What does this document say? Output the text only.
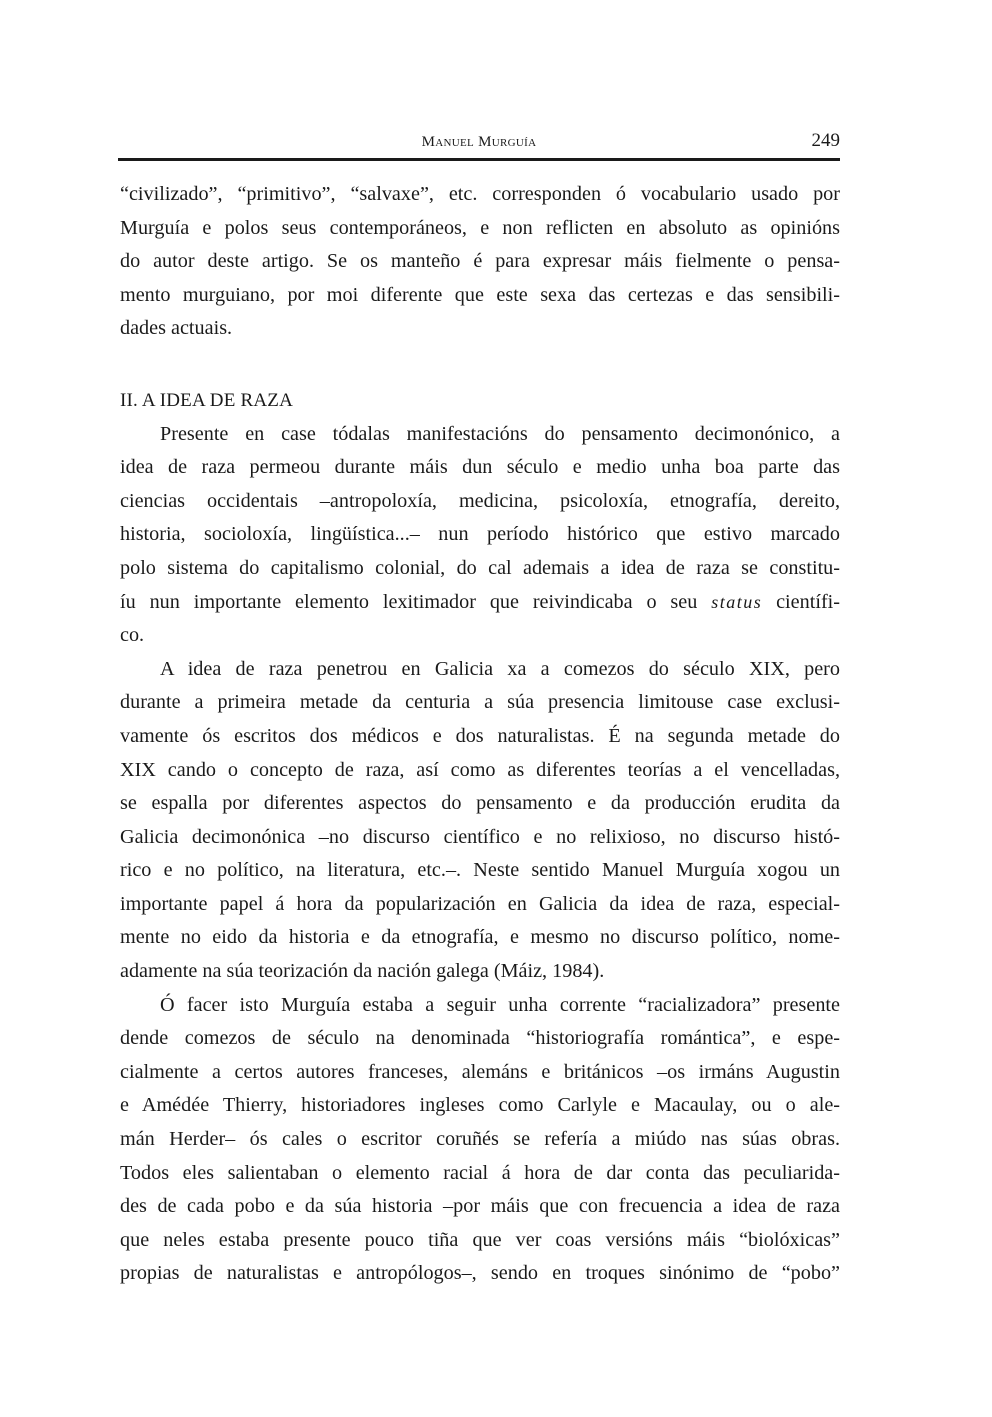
Manuel Murguía	249
“civilizado”, “primitivo”, “salvaxe”, etc. corresponden ó vocabulario usado por
Murguía e polos seus contemporáneos, e non reflicten en absoluto as opinións
do autor deste artigo. Se os manteño é para expresar máis fielmente o pensa-
mento murguiano, por moi diferente que este sexa das certezas e das sensibili-
dades actuais.
II. A IDEA DE RAZA
Presente en case tódalas manifestacións do pensamento decimonónico, a
idea de raza permeou durante máis dun século e medio unha boa parte das
ciencias occidentais –antropoloxía, medicina, psicoloxía, etnografía, dereito,
historia, socioloxía, lingüística...– nun período histórico que estivo marcado
polo sistema do capitalismo colonial, do cal ademais a idea de raza se constitu-
íu nun importante elemento lexitimador que reivindicaba o seu status científi-
co.
A idea de raza penetrou en Galicia xa a comezos do século XIX, pero
durante a primeira metade da centuria a súa presencia limitouse case exclusi-
vamente ós escritos dos médicos e dos naturalistas. É na segunda metade do
XIX cando o concepto de raza, así como as diferentes teorías a el vencelladas,
se espalla por diferentes aspectos do pensamento e da producción erudita da
Galicia decimonónica –no discurso científico e no relixioso, no discurso histó-
rico e no político, na literatura, etc.–. Neste sentido Manuel Murguía xogou un
importante papel á hora da popularización en Galicia da idea de raza, especial-
mente no eido da historia e da etnografía, e mesmo no discurso político, nome-
adamente na súa teorización da nación galega (Máiz, 1984).
Ó facer isto Murguía estaba a seguir unha corrente “racializadora” presente
dende comezos de século na denominada “historiografía romántica”, e espe-
cialmente a certos autores franceses, alemáns e británicos –os irmáns Augustin
e Amédée Thierry, historiadores ingleses como Carlyle e Macaulay, ou o ale-
mán Herder– ós cales o escritor coruñés se refería a miúdo nas súas obras.
Todos eles salientaban o elemento racial á hora de dar conta das peculiarida-
des de cada pobo e da súa historia –por máis que con frecuencia a idea de raza
que neles estaba presente pouco tiña que ver coas versións máis “biolóxicas”
propias de naturalistas e antropólogos–, sendo en troques sinónimo de “pobo”
